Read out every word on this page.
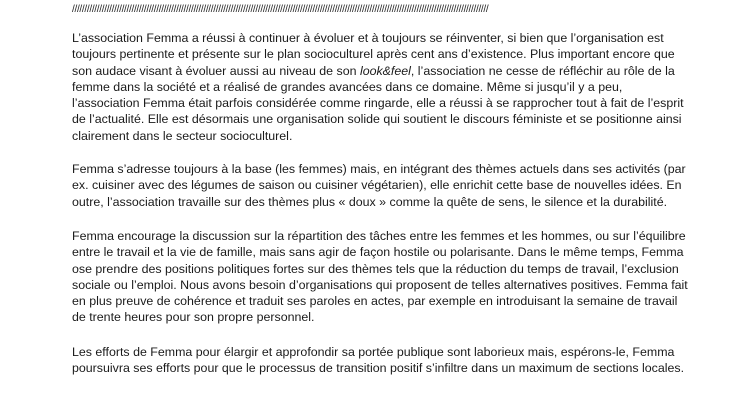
////////////////////////////////////////////////////////////////////////////////////////////////////////////////////////////////////////////////////////////////////////

L’association Femma a réussi à continuer à évoluer et à toujours se réinventer, si bien que l’organisation est toujours pertinente et présente sur le plan socioculturel après cent ans d’existence. Plus important encore que son audace visant à évoluer aussi au niveau de son look&feel, l’association ne cesse de réfléchir au rôle de la femme dans la société et a réalisé de grandes avancées dans ce domaine. Même si jusqu’il y a peu, l’association Femma était parfois considérée comme ringarde, elle a réussi à se rapprocher tout à fait de l’esprit de l’actualité. Elle est désormais une organisation solide qui soutient le discours féministe et se positionne ainsi clairement dans le secteur socioculturel.

Femma s’adresse toujours à la base (les femmes) mais, en intégrant des thèmes actuels dans ses activités (par ex. cuisiner avec des légumes de saison ou cuisiner végétarien), elle enrichit cette base de nouvelles idées. En outre, l’association travaille sur des thèmes plus « doux » comme la quête de sens, le silence et la durabilité.

Femma encourage la discussion sur la répartition des tâches entre les femmes et les hommes, ou sur l’équilibre entre le travail et la vie de famille, mais sans agir de façon hostile ou polarisante. Dans le même temps, Femma ose prendre des positions politiques fortes sur des thèmes tels que la réduction du temps de travail, l’exclusion sociale ou l’emploi. Nous avons besoin d’organisations qui proposent de telles alternatives positives. Femma fait en plus preuve de cohérence et traduit ses paroles en actes, par exemple en introduisant la semaine de travail de trente heures pour son propre personnel.

Les efforts de Femma pour élargir et approfondir sa portée publique sont laborieux mais, espérons-le, Femma poursuivra ses efforts pour que le processus de transition positif s’infiltre dans un maximum de sections locales.
